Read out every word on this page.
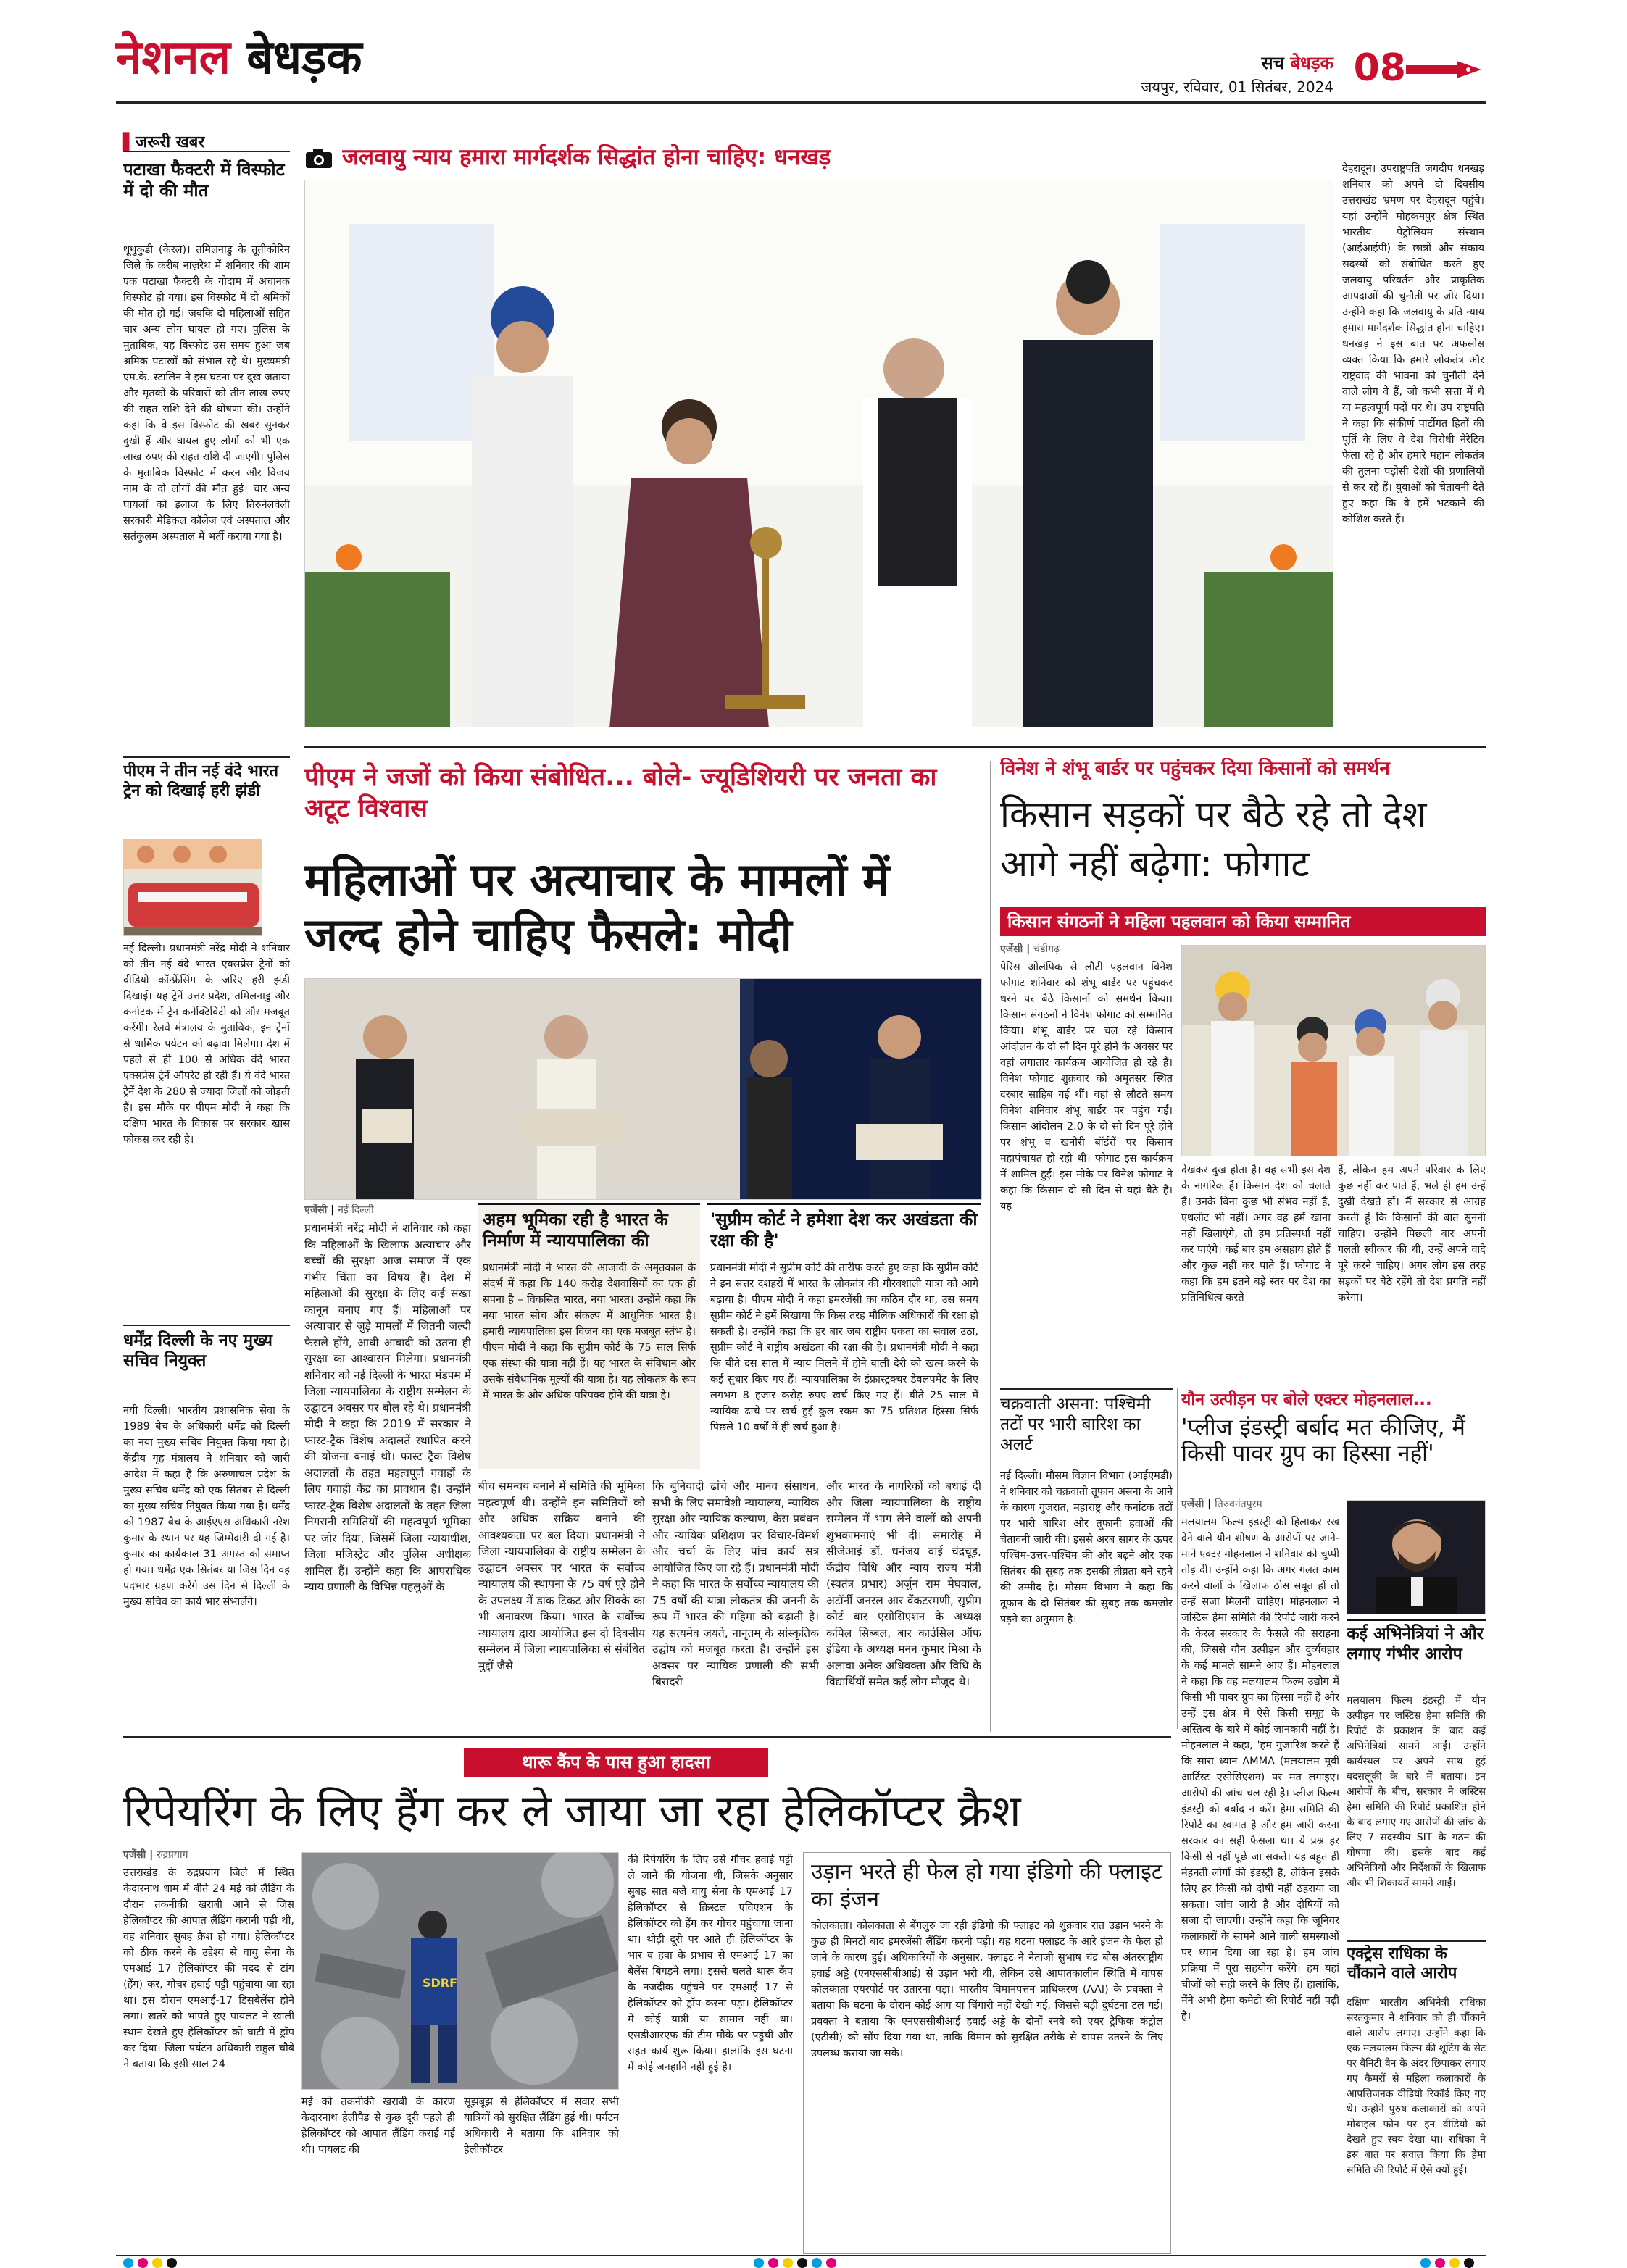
नेशनल बेधड़क	सच बेधड़क
जयपुर, रविवार, 01 सितंबर, 2024 08
▌जरूरी खबर
पटाखा फैक्टरी में विस्फोट में दो की मौत
थूथुकुडी (केरल)। तमिलनाडु के तूतीकोरिन जिले के करीब नाज़रेथ में शनिवार की शाम एक पटाखा फैक्टरी के गोदाम में अचानक विस्फोट हो गया। इस विस्फोट में दो श्रमिकों की मौत हो गई। जबकि दो महिलाओं सहित चार अन्य लोग घायल हो गए। पुलिस के मुताबिक, यह विस्फोट उस समय हुआ जब श्रमिक पटाखों को संभाल रहे थे। मुख्यमंत्री एम.के. स्टालिन ने इस घटना पर दुख जताया और मृतकों के परिवारों को तीन लाख रुपए की राहत राशि देने की घोषणा की। उन्होंने कहा कि वे इस विस्फोट की खबर सुनकर दुखी हैं और घायल हुए लोगों को भी एक लाख रुपए की राहत राशि दी जाएगी। पुलिस के मुताबिक विस्फोट में करन और विजय नाम के दो लोगों की मौत हुई। चार अन्य घायलों को इलाज के लिए तिरुनेलवेली सरकारी मेडिकल कॉलेज एवं अस्पताल और सतंकुलम अस्पताल में भर्ती कराया गया है।
पीएम ने तीन नई वंदे भारत ट्रेन को दिखाई हरी झंडी
नई दिल्ली। प्रधानमंत्री नरेंद्र मोदी ने शनिवार को तीन नई वंदे भारत एक्सप्रेस ट्रेनों को वीडियो कॉन्फ्रेंसिंग के जरिए हरी झंडी दिखाई। यह ट्रेनें उत्तर प्रदेश, तमिलनाडु और कर्नाटक में ट्रेन कनेक्टिविटी को और मजबूत करेंगी। रेलवे मंत्रालय के मुताबिक, इन ट्रेनों से धार्मिक पर्यटन को बढ़ावा मिलेगा। देश में पहले से ही 100 से अधिक वंदे भारत एक्सप्रेस ट्रेनें ऑपरेट हो रही हैं। ये वंदे भारत ट्रेनें देश के 280 से ज्यादा जिलों को जोड़ती हैं। इस मौके पर पीएम मोदी ने कहा कि दक्षिण भारत के विकास पर सरकार खास फोकस कर रही है।
धर्मेंद्र दिल्ली के नए मुख्य सचिव नियुक्त
नयी दिल्ली। भारतीय प्रशासनिक सेवा के 1989 बैच के अधिकारी धर्मेंद्र को दिल्ली का नया मुख्य सचिव नियुक्त किया गया है। केंद्रीय गृह मंत्रालय ने शनिवार को जारी आदेश में कहा है कि अरुणाचल प्रदेश के मुख्य सचिव धर्मेंद्र को एक सितंबर से दिल्ली का मुख्य सचिव नियुक्त किया गया है। धर्मेंद्र को 1987 बैच के आईएएस अधिकारी नरेश कुमार के स्थान पर यह जिम्मेदारी दी गई है। कुमार का कार्यकाल 31 अगस्त को समाप्त हो गया। धर्मेंद्र एक सितंबर या जिस दिन वह पदभार ग्रहण करेंगे उस दिन से दिल्ली के मुख्य सचिव का कार्य भार संभालेंगे।
जलवायु न्याय हमारा मार्गदर्शक सिद्धांत होना चाहिए: धनखड़	देहरादून। उपराष्ट्रपति जगदीप धनखड़ शनिवार को अपने दो दिवसीय उत्तराखंड भ्रमण पर देहरादून पहुंचे। यहां उन्होंने मोहकमपुर क्षेत्र स्थित भारतीय पेट्रोलियम संस्थान (आईआईपी) के छात्रों और संकाय सदस्यों को संबोधित करते हुए जलवायु परिवर्तन और प्राकृतिक आपदाओं की चुनौती पर जोर दिया। उन्होंने कहा कि जलवायु के प्रति न्याय हमारा मार्गदर्शक सिद्धांत होना चाहिए। धनखड़ ने इस बात पर अफसोस व्यक्त किया कि हमारे लोकतंत्र और राष्ट्रवाद की भावना को चुनौती देने वाले लोग वे हैं, जो कभी सत्ता में थे या महत्वपूर्ण पदों पर थे। उप राष्ट्रपति ने कहा कि संकीर्ण पार्टीगत हितों की पूर्ति के लिए वे देश विरोधी नेरेटिव फैला रहे हैं और हमारे महान लोकतंत्र की तुलना पड़ोसी देशों की प्रणालियों से कर रहे हैं। युवाओं को चेतावनी देते हुए कहा कि वे हमें भटकाने की कोशिश करते हैं।
पीएम ने जजों को किया संबोधित... बोले- ज्यूडिशियरी पर जनता का अटूट विश्वास
महिलाओं पर अत्याचार के मामलों में जल्द होने चाहिए फैसले: मोदी
एजेंसी | नई दिल्ली
प्रधानमंत्री नरेंद्र मोदी ने शनिवार को कहा कि महिलाओं के खिलाफ अत्याचार और बच्चों की सुरक्षा आज समाज में एक गंभीर चिंता का विषय है। देश में महिलाओं की सुरक्षा के लिए कई सख्त कानून बनाए गए हैं। महिलाओं पर अत्याचार से जुड़े मामलों में जितनी जल्दी फैसले होंगे, आधी आबादी को उतना ही सुरक्षा का आश्वासन मिलेगा। प्रधानमंत्री शनिवार को नई दिल्ली के भारत मंडपम में जिला न्यायपालिका के राष्ट्रीय सम्मेलन के उद्घाटन अवसर पर बोल रहे थे। प्रधानमंत्री मोदी ने कहा कि 2019 में सरकार ने फास्ट-ट्रैक विशेष अदालतें स्थापित करने की योजना बनाई थी। फास्ट ट्रैक विशेष अदालतों के तहत महत्वपूर्ण गवाहों के लिए गवाही केंद्र का प्रावधान है। उन्होंने फास्ट-ट्रैक विशेष अदालतों के तहत जिला निगरानी समितियों की महत्वपूर्ण भूमिका पर जोर दिया, जिसमें जिला न्यायाधीश, जिला मजिस्ट्रेट और पुलिस अधीक्षक शामिल हैं। उन्होंने कहा कि आपराधिक न्याय प्रणाली के विभिन्न पहलुओं के
अहम भूमिका रही है भारत के निर्माण में न्यायपालिका की
प्रधानमंत्री मोदी ने भारत की आजादी के अमृतकाल के संदर्भ में कहा कि 140 करोड़ देशवासियों का एक ही सपना है – विकसित भारत, नया भारत। उन्होंने कहा कि नया भारत सोच और संकल्प में आधुनिक भारत है। हमारी न्यायपालिका इस विजन का एक मजबूत स्तंभ है। पीएम मोदी ने कहा कि सुप्रीम कोर्ट के 75 साल सिर्फ एक संस्था की यात्रा नहीं हैं। यह भारत के संविधान और उसके संवैधानिक मूल्यों की यात्रा है। यह लोकतंत्र के रूप में भारत के और अधिक परिपक्व होने की यात्रा है।
'सुप्रीम कोर्ट ने हमेशा देश कर अखंडता की रक्षा की है'
प्रधानमंत्री मोदी ने सुप्रीम कोर्ट की तारीफ करते हुए कहा कि सुप्रीम कोर्ट ने इन सत्तर दशहरों में भारत के लोकतंत्र की गौरवशाली यात्रा को आगे बढ़ाया है। पीएम मोदी ने कहा इमरजेंसी का कठिन दौर था, उस समय सुप्रीम कोर्ट ने हमें सिखाया कि किस तरह मौलिक अधिकारों की रक्षा हो सकती है। उन्होंने कहा कि हर बार जब राष्ट्रीय एकता का सवाल उठा, सुप्रीम कोर्ट ने राष्ट्रीय अखंडता की रक्षा की है। प्रधानमंत्री मोदी ने कहा कि बीते दस साल में न्याय मिलने में होने वाली देरी को खत्म करने के कई सुधार किए गए हैं। न्यायपालिका के इंफ्रास्ट्रक्चर डेवलपमेंट के लिए लगभग 8 हजार करोड़ रुपए खर्च किए गए हैं। बीते 25 साल में न्यायिक ढांचे पर खर्च हुई कुल रकम का 75 प्रतिशत हिस्सा सिर्फ पिछले 10 वर्षों में ही खर्च हुआ है।
बीच समन्वय बनाने में समिति की भूमिका महत्वपूर्ण थी। उन्होंने इन समितियों को और अधिक सक्रिय बनाने की आवश्यकता पर बल दिया। प्रधानमंत्री ने जिला न्यायपालिका के राष्ट्रीय सम्मेलन के उद्घाटन अवसर पर भारत के सर्वोच्च न्यायालय की स्थापना के 75 वर्ष पूरे होने के उपलक्ष्य में डाक टिकट और सिक्के का भी अनावरण किया। भारत के सर्वोच्च न्यायालय द्वारा आयोजित इस दो दिवसीय सम्मेलन में जिला न्यायपालिका से संबंधित मुद्दों जैसे
कि बुनियादी ढांचे और मानव संसाधन, सभी के लिए समावेशी न्यायालय, न्यायिक सुरक्षा और न्यायिक कल्याण, केस प्रबंधन और न्यायिक प्रशिक्षण पर विचार-विमर्श और चर्चा के लिए पांच कार्य सत्र आयोजित किए जा रहे हैं। प्रधानमंत्री मोदी ने कहा कि भारत के सर्वोच्च न्यायालय की 75 वर्षों की यात्रा लोकतंत्र की जननी के रूप में भारत की महिमा को बढ़ाती है। यह सत्यमेव जयते, नानृतम् के सांस्कृतिक उद्घोष को मजबूत करता है। उन्होंने इस अवसर पर न्यायिक प्रणाली की सभी बिरादरी
और भारत के नागरिकों को बधाई दी और जिला न्यायपालिका के राष्ट्रीय सम्मेलन में भाग लेने वालों को अपनी शुभकामनाएं भी दीं। समारोह में सीजेआई डॉ. धनंजय वाई चंद्रचूड़, केंद्रीय विधि और न्याय राज्य मंत्री (स्वतंत्र प्रभार) अर्जुन राम मेघवाल, अटॉर्नी जनरल आर वेंकटरमणी, सुप्रीम कोर्ट बार एसोसिएशन के अध्यक्ष कपिल सिब्बल, बार काउंसिल ऑफ इंडिया के अध्यक्ष मनन कुमार मिश्रा के अलावा अनेक अधिवक्ता और विधि के विद्यार्थियों समेत कई लोग मौजूद थे।
विनेश ने शंभू बार्डर पर पहुंचकर दिया किसानों को समर्थन
किसान सड़कों पर बैठे रहे तो देश आगे नहीं बढ़ेगा: फोगाट
किसान संगठनों ने महिला पहलवान को किया सम्मानित
एजेंसी | चंडीगढ़
पेरिस ओलंपिक से लौटी पहलवान विनेश फोगाट शनिवार को शंभू बार्डर पर पहुंचकर धरने पर बैठे किसानों को समर्थन किया। किसान संगठनों ने विनेश फोगाट को सम्मानित किया। शंभू बार्डर पर चल रहे किसान आंदोलन के दो सौ दिन पूरे होने के अवसर पर वहां लगातार कार्यक्रम आयोजित हो रहे हैं। विनेश फोगाट शुक्रवार को अमृतसर स्थित दरबार साहिब गई थीं। वहां से लौटते समय विनेश शनिवार शंभू बार्डर पर पहुंच गईं। किसान आंदोलन 2.0 के दो सौ दिन पूरे होने पर शंभू व खनौरी बॉर्डरों पर किसान महापंचायत हो रही थी। फोगाट इस कार्यक्रम में शामिल हुईं। इस मौके पर विनेश फोगाट ने कहा कि किसान दो सौ दिन से यहां बैठे हैं। यह
देखकर दुख होता है। वह सभी इस देश के नागरिक हैं। किसान देश को चलाते हैं। उनके बिना कुछ भी संभव नहीं है, एथलीट भी नहीं। अगर वह हमें खाना नहीं खिलाएंगे, तो हम प्रतिस्पर्धा नहीं कर पाएंगे। कई बार हम असहाय होते हैं और कुछ नहीं कर पाते हैं। फोगाट ने कहा कि हम इतने बड़े स्तर पर देश का प्रतिनिधित्व करते
हैं, लेकिन हम अपने परिवार के लिए कुछ नहीं कर पाते हैं, भले ही हम उन्हें दुखी देखते हों। मैं सरकार से आग्रह करती हूं कि किसानों की बात सुननी चाहिए। उन्होंने पिछली बार अपनी गलती स्वीकार की थी, उन्हें अपने वादे पूरे करने चाहिए। अगर लोग इस तरह सड़कों पर बैठे रहेंगे तो देश प्रगति नहीं करेगा।
चक्रवाती असना: पश्चिमी तटों पर भारी बारिश का अलर्ट
नई दिल्ली। मौसम विज्ञान विभाग (आईएमडी) ने शनिवार को चक्रवाती तूफान असना के आने के कारण गुजरात, महाराष्ट्र और कर्नाटक तटों पर भारी बारिश और तूफानी हवाओं की चेतावनी जारी की। इससे अरब सागर के ऊपर पश्चिम-उत्तर-पश्चिम की ओर बढ़ने और एक सितंबर की सुबह तक इसकी तीव्रता बने रहने की उम्मीद है। मौसम विभाग ने कहा कि तूफान के दो सितंबर की सुबह तक कमजोर पड़ने का अनुमान है।
यौन उत्पीड़न पर बोले एक्टर मोहनलाल...
'प्लीज इंडस्ट्री बर्बाद मत कीजिए, मैं किसी पावर ग्रुप का हिस्सा नहीं'
एजेंसी | तिरुवनंतपुरम
मलयालम फिल्म इंडस्ट्री को हिलाकर रख देने वाले यौन शोषण के आरोपों पर जाने-माने एक्टर मोहनलाल ने शनिवार को चुप्पी तोड़ दी। उन्होंने कहा कि अगर गलत काम करने वालों के खिलाफ ठोस सबूत हों तो उन्हें सजा मिलनी चाहिए। मोहनलाल ने जस्टिस हेमा समिति की रिपोर्ट जारी करने के केरल सरकार के फैसले की सराहना की, जिससे यौन उत्पीड़न और दुर्व्यवहार के कई मामले सामने आए हैं। मोहनलाल ने कहा कि वह मलयालम फिल्म उद्योग में किसी भी पावर ग्रुप का हिस्सा नहीं हैं और उन्हें इस क्षेत्र में ऐसे किसी समूह के अस्तित्व के बारे में कोई जानकारी नहीं है। मोहनलाल ने कहा, 'हम गुजारिश करते हैं कि सारा ध्यान AMMA (मलयालम मूवी आर्टिस्ट एसोसिएशन) पर मत लगाइए। आरोपों की जांच चल रही है। प्लीज फिल्म इंडस्ट्री को बर्बाद न करें। हेमा समिति की रिपोर्ट का स्वागत है और हम जारी करना सरकार का सही फैसला था। ये प्रश्न हर किसी से नहीं पूछे जा सकते। यह बहुत ही मेहनती लोगों की इंडस्ट्री है, लेकिन इसके लिए हर किसी को दोषी नहीं ठहराया जा सकता। जांच जारी है और दोषियों को सजा दी जाएगी। उन्होंने कहा कि जूनियर कलाकारों के सामने आने वाली समस्याओं पर ध्यान दिया जा रहा है। हम जांच प्रक्रिया में पूरा सहयोग करेंगे। हम यहां चीजों को सही करने के लिए हैं। हालांकि, मैंने अभी हेमा कमेटी की रिपोर्ट नहीं पढ़ी है।
कई अभिनेत्रियां ने और लगाए गंभीर आरोप
मलयालम फिल्म इंडस्ट्री में यौन उत्पीड़न पर जस्टिस हेमा समिति की रिपोर्ट के प्रकाशन के बाद कई अभिनेत्रियां सामने आईं। उन्होंने कार्यस्थल पर अपने साथ हुई बदसलूकी के बारे में बताया। इन आरोपों के बीच, सरकार ने जस्टिस हेमा समिति की रिपोर्ट प्रकाशित होने के बाद लगाए गए आरोपों की जांच के लिए 7 सदस्यीय SIT के गठन की घोषणा की। इसके बाद कई अभिनेत्रियों और निर्देशकों के खिलाफ और भी शिकायतें सामने आईं।
एक्ट्रेस राधिका के चौंकाने वाले आरोप
दक्षिण भारतीय अभिनेत्री राधिका सरतकुमार ने शनिवार को ही चौंकाने वाले आरोप लगाए। उन्होंने कहा कि एक मलयालम फिल्म की शूटिंग के सेट पर वैनिटी वैन के अंदर छिपाकर लगाए गए कैमरों से महिला कलाकारों के आपत्तिजनक वीडियो रिकॉर्ड किए गए थे। उन्होंने पुरुष कलाकारों को अपने मोबाइल फोन पर इन वीडियो को देखते हुए स्वयं देखा था। राधिका ने इस बात पर सवाल किया कि हेमा समिति की रिपोर्ट में ऐसे क्यों हुई।
थारू कैंप के पास हुआ हादसा
रिपेयरिंग के लिए हैंग कर ले जाया जा रहा हेलिकॉप्टर क्रैश
एजेंसी | रुद्रप्रयाग
उत्तराखंड के रुद्रप्रयाग जिले में स्थित केदारनाथ धाम में बीते 24 मई को लैंडिंग के दौरान तकनीकी खराबी आने से जिस हेलिकॉप्टर की आपात लैंडिंग करानी पड़ी थी, वह शनिवार सुबह क्रैश हो गया। हेलिकॉप्टर को ठीक करने के उद्देश्य से वायु सेना के एमआई 17 हेलिकॉप्टर की मदद से टांग (हैंग) कर, गौचर हवाई पट्टी पहुंचाया जा रहा था। इस दौरान एमआई-17 डिसबैलेंस होने लगा। खतरे को भांपते हुए पायलट ने खाली स्थान देखते हुए हेलिकॉप्टर को घाटी में ड्रॉप कर दिया। जिला पर्यटन अधिकारी राहुल चौबे ने बताया कि इसी साल 24
SDRF
मई को तकनीकी खराबी के कारण केदारनाथ हेलीपैड से कुछ दूरी पहले ही हेलिकॉप्टर को आपात लैंडिंग कराई गई थी। पायलट की
सूझबूझ से हेलिकॉप्टर में सवार सभी यात्रियों को सुरक्षित लैंडिंग हुई थी। पर्यटन अधिकारी ने बताया कि शनिवार को हेलीकॉप्टर
की रिपेयरिंग के लिए उसे गौचर हवाई पट्टी ले जाने की योजना थी, जिसके अनुसार सुबह सात बजे वायु सेना के एमआई 17 हेलिकॉप्टर से क्रिस्टल एविएशन के हेलिकॉप्टर को हैंग कर गौचर पहुंचाया जाना था। थोड़ी दूरी पर आते ही हेलिकॉप्टर के भार व हवा के प्रभाव से एमआई 17 का बैलेंस बिगड़ने लगा। इससे चलते थारू कैंप के नजदीक पहुंचने पर एमआई 17 से हेलिकॉप्टर को ड्रॉप करना पड़ा। हेलिकॉप्टर में कोई यात्री या सामान नहीं था। एसडीआरएफ की टीम मौके पर पहुंची और राहत कार्य शुरू किया। हालांकि इस घटना में कोई जनहानि नहीं हुई है।
उड़ान भरते ही फेल हो गया इंडिगो की फ्लाइट का इंजन
कोलकाता। कोलकाता से बेंगलुरु जा रही इंडिगो की फ्लाइट को शुक्रवार रात उड़ान भरने के कुछ ही मिनटों बाद इमरजेंसी लैंडिंग करनी पड़ी। यह घटना फ्लाइट के आरे इंजन के फेल हो जाने के कारण हुई। अधिकारियों के अनुसार, फ्लाइट ने नेताजी सुभाष चंद्र बोस अंतरराष्ट्रीय हवाई अड्डे (एनएससीबीआई) से उड़ान भरी थी, लेकिन उसे आपातकालीन स्थिति में वापस कोलकाता एयरपोर्ट पर उतारना पड़ा। भारतीय विमानपत्तन प्राधिकरण (AAI) के प्रवक्ता ने बताया कि घटना के दौरान कोई आग या चिंगारी नहीं देखी गई, जिससे बड़ी दुर्घटना टल गई। प्रवक्ता ने बताया कि एनएससीबीआई हवाई अड्डे के दोनों रनवे को एयर ट्रैफिक कंट्रोल (एटीसी) को सौंप दिया गया था, ताकि विमान को सुरक्षित तरीके से वापस उतरने के लिए उपलब्ध कराया जा सके।
